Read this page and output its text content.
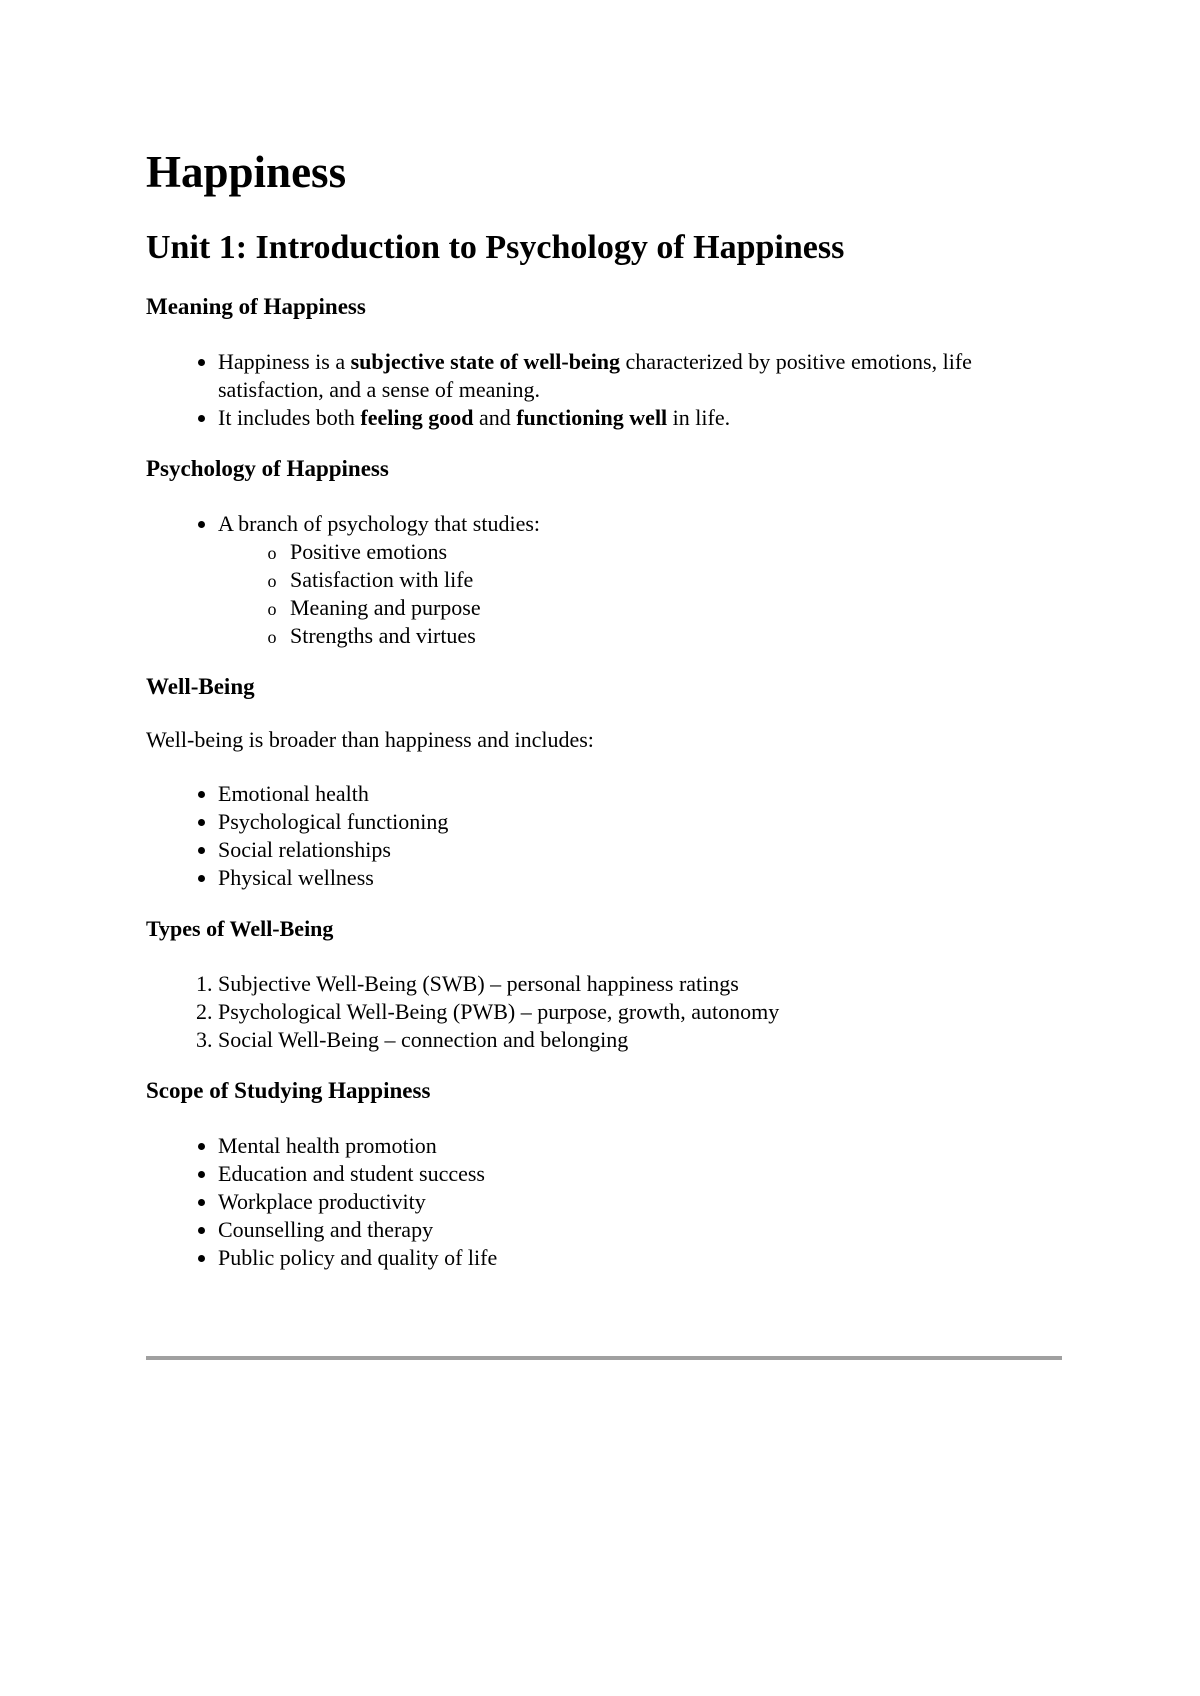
Happiness
Unit 1: Introduction to Psychology of Happiness
Meaning of Happiness
• Happiness is a subjective state of well-being characterized by positive emotions, life satisfaction, and a sense of meaning.
• It includes both feeling good and functioning well in life.
Psychology of Happiness
• A branch of psychology that studies:
o Positive emotions
o Satisfaction with life
o Meaning and purpose
o Strengths and virtues
Well-Being

Well-being is broader than happiness and includes:

• Emotional health
• Psychological functioning
• Social relationships
• Physical wellness
Types of Well-Being
1. Subjective Well-Being (SWB) – personal happiness ratings
2. Psychological Well-Being (PWB) – purpose, growth, autonomy
3. Social Well-Being – connection and belonging
Scope of Studying Happiness
• Mental health promotion
• Education and student success
• Workplace productivity
• Counselling and therapy
• Public policy and quality of life
